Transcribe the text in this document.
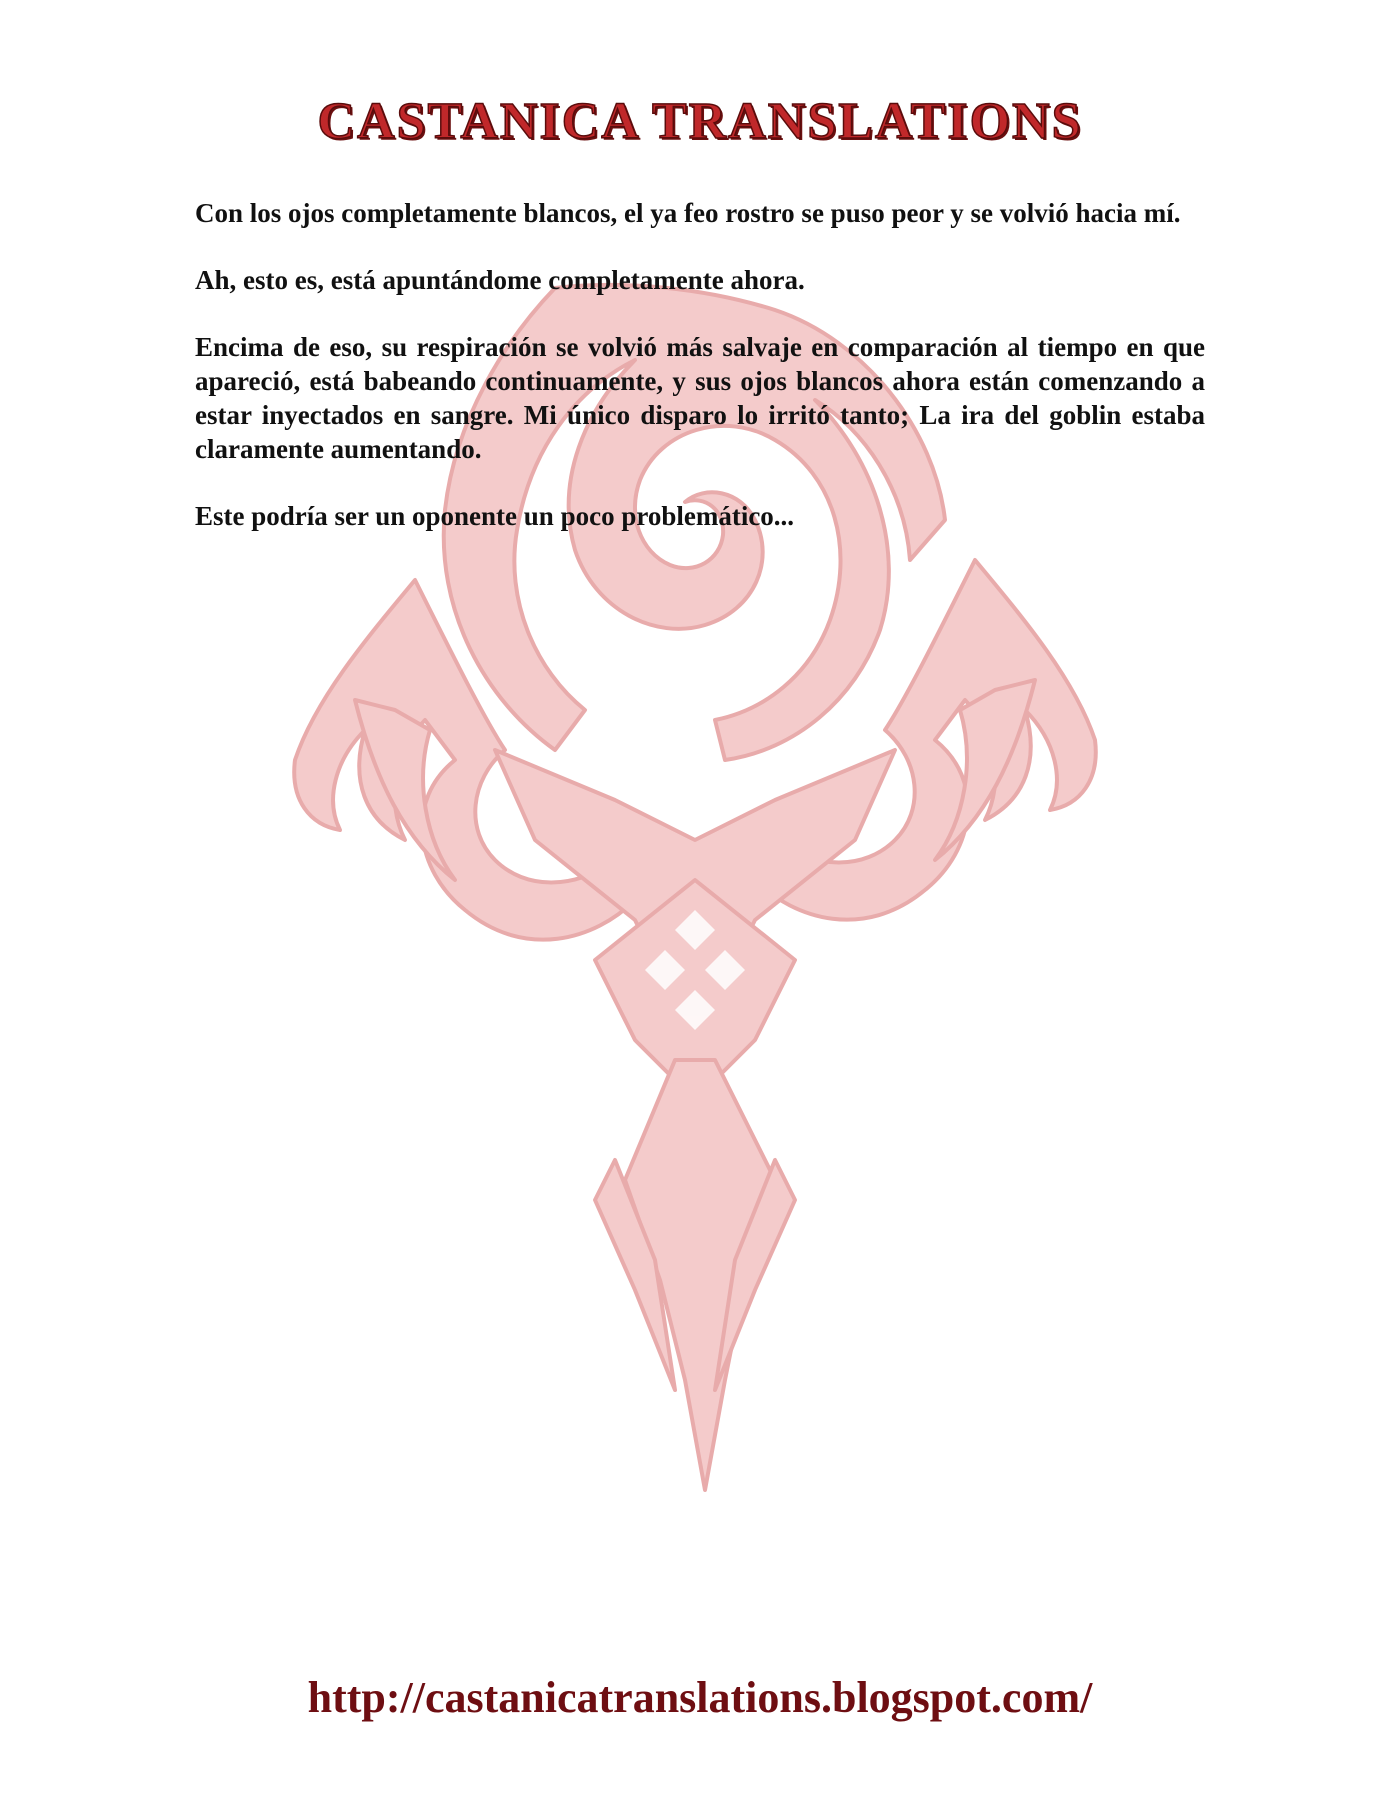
CASTANICA TRANSLATIONS

Con los ojos completamente blancos, el ya feo rostro se puso peor y se volvió hacia mí.

Ah, esto es, está apuntándome completamente ahora.

Encima de eso, su respiración se volvió más salvaje en comparación al tiempo en que apareció, está babeando continuamente, y sus ojos blancos ahora están comenzando a estar inyectados en sangre. Mi único disparo lo irritó tanto; La ira del goblin estaba claramente aumentando.

Este podría ser un oponente un poco problemático...

http://castanicatranslations.blogspot.com/
